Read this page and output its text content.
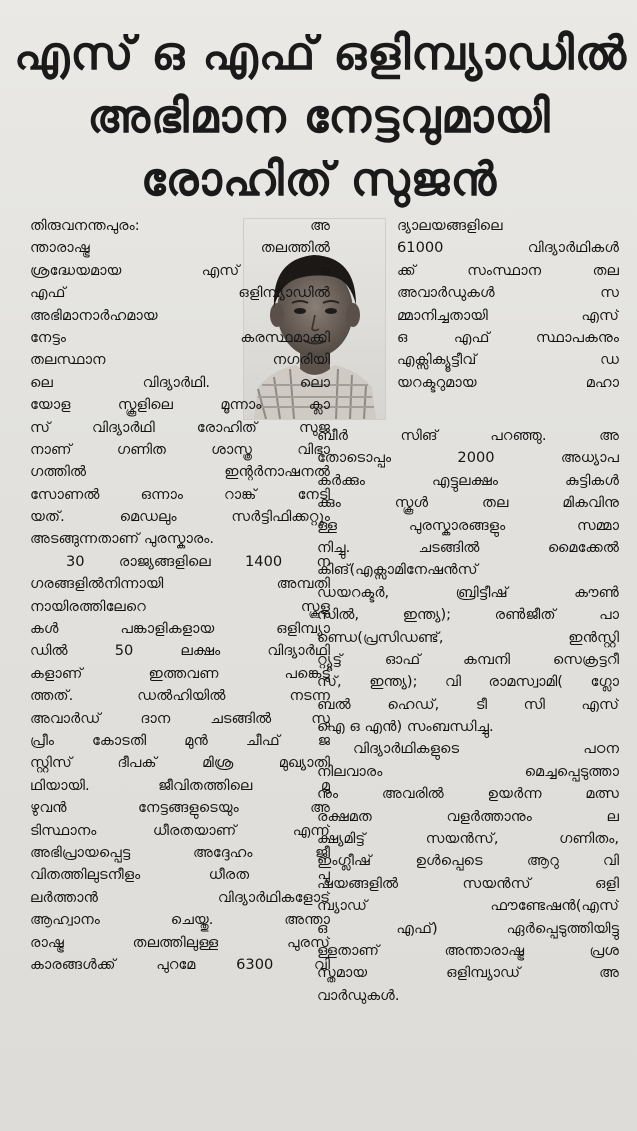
എസ് ഒ എഫ് ഒളിമ്പ്യാഡിൽ
അഭിമാന നേട്ടവുമായി
രോഹിത് സുജൻ
തിരുവനന്തപുരം: അ
ന്താരാഷ്ട്ര തലത്തിൽ
ശ്രദ്ധേയമായ എസ് ഒ
എഫ് ഒളിമ്പ്യാഡിൽ
അഭിമാനാർഹമായ
നേട്ടം കരസ്ഥമാക്കി
തലസ്ഥാന നഗരിയി
ലെ വിദ്യാർഥി. ലൊ
യോള സ്കൂളിലെ മൂന്നാം ക്ലാ
സ് വിദ്യാർഥി രോഹിത് സുജ
നാണ് ഗണിത ശാസ്ത്ര വിഭാ
ഗത്തിൽ ഇന്റർനാഷനൽ
സോണൽ ഒന്നാം റാങ്ക് നേടി
യത്. മെഡലും സർട്ടിഫിക്കറ്റും
അടങ്ങുന്നതാണ് പുരസ്കാരം.
30 രാജ്യങ്ങളിലെ 1400 ന
ഗരങ്ങളിൽനിന്നായി അമ്പതി
നായിരത്തിലേറെ സ്കൂളു
കൾ പങ്കാളികളായ ഒളിമ്പ്യാ
ഡിൽ 50 ലക്ഷം വിദ്യാർഥി
കളാണ് ഇത്തവണ പങ്കെടു
ത്തത്. ഡൽഹിയിൽ നടന്ന
അവാർഡ് ദാന ചടങ്ങിൽ സു
പ്രീം കോടതി മുൻ ചീഫ് ജ
സ്റ്റിസ് ദീപക് മിശ്ര മുഖ്യാതി
ഥിയായി. ജീവിതത്തിലെ മു
ഴുവൻ നേട്ടങ്ങളുടെയും അ
ടിസ്ഥാനം ധീരതയാണ് എന്ന്
അഭിപ്രായപ്പെട്ട അദ്ദേഹം ജീ
വിതത്തിലുടനീളം ധീരത പു
ലർത്താൻ വിദ്യാർഥികളോട്
ആഹ്വാനം ചെയ്തു. അന്താ
രാഷ്ട്ര തലത്തിലുള്ള പുരസ്
കാരങ്ങൾക്ക് പുറമേ 6300 വി
ദ്യാലയങ്ങളിലെ
61000 വിദ്യാർഥികൾ
ക്ക് സംസ്ഥാന തല
അവാർഡുകൾ സ
മ്മാനിച്ചതായി എസ്
ഒ എഫ് സ്ഥാപകനും
എക്സിക്യൂട്ടീവ് ഡ
യറക്ടറുമായ മഹാ
ബീർ സിങ് പറഞ്ഞു. അ
തോടൊപ്പം 2000 അധ്യാപ
കർക്കും എട്ടുലക്ഷം കുട്ടികൾ
ക്കും സ്കൂൾ തല മികവിനു
ള്ള പുരസ്കാരങ്ങളും സമ്മാ
നിച്ചു. ചടങ്ങിൽ മൈക്കേൽ
കിങ്(എക്സാമിനേഷൻസ്
ഡയറക്ടർ, ബ്രിട്ടീഷ് കൗൺ
സിൽ, ഇന്ത്യ); രൺജീത് പാ
ണ്ഡെ(പ്രസിഡണ്ട്, ഇൻസ്റ്റി
റ്റ്യൂട്ട് ഓഫ് കമ്പനി സെക്രട്ടറീ
സ്, ഇന്ത്യ); വി രാമസ്വാമി( ഗ്ലോ
ബൽ ഹെഡ്, ടീ സി എസ്
ഐ ഒ എൻ) സംബന്ധിച്ചു.
വിദ്യാർഥികളുടെ പഠന
നിലവാരം മെച്ചപ്പെടുത്താ
നും അവരിൽ ഉയർന്ന മത്സ
രക്ഷമത വളർത്താനും ല
ക്ഷ്യമിട്ട് സയൻസ്, ഗണിതം,
ഇംഗ്ലീഷ് ഉൾപ്പെടെ ആറു വി
ഷയങ്ങളിൽ സയൻസ് ഒളി
മ്പ്യാഡ് ഫൗണ്ടേഷൻ(എസ്
ഒ എഫ്) ഏർപ്പെടുത്തിയിട്ടു
ള്ളതാണ് അന്താരാഷ്ട്ര പ്രശ
സ്തമായ ഒളിമ്പ്യാഡ് അ
വാർഡുകൾ.
